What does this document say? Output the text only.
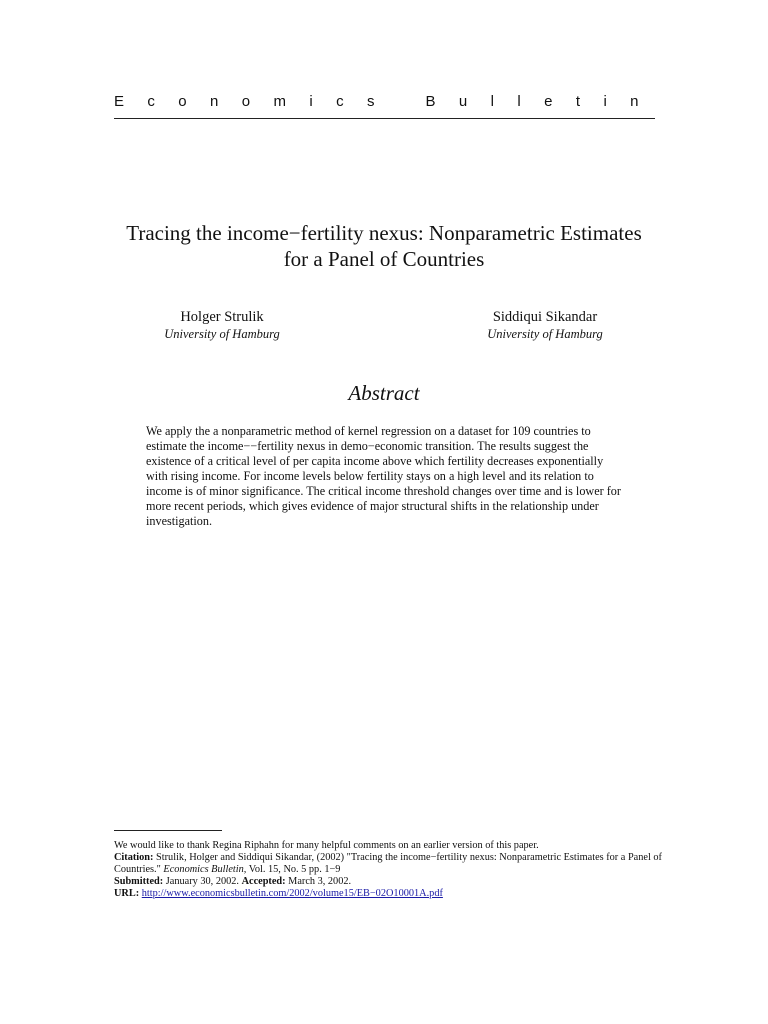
Economics Bulletin
Tracing the income−fertility nexus: Nonparametric Estimates
for a Panel of Countries
Holger Strulik
University of Hamburg
Siddiqui Sikandar
University of Hamburg
Abstract
We apply the a nonparametric method of kernel regression on a dataset for 109 countries to estimate the income−−fertility nexus in demo−economic transition. The results suggest the existence of a critical level of per capita income above which fertility decreases exponentially with rising income. For income levels below fertility stays on a high level and its relation to income is of minor significance. The critical income threshold changes over time and is lower for more recent periods, which gives evidence of major structural shifts in the relationship under investigation.

We would like to thank Regina Riphahn for many helpful comments on an earlier version of this paper.

Citation: Strulik, Holger and Siddiqui Sikandar, (2002) "Tracing the income−fertility nexus: Nonparametric Estimates for a Panel of Countries." Economics Bulletin, Vol. 15, No. 5 pp. 1−9

Submitted: January 30, 2002. Accepted: March 3, 2002.

URL: http://www.economicsbulletin.com/2002/volume15/EB−02O10001A.pdf
